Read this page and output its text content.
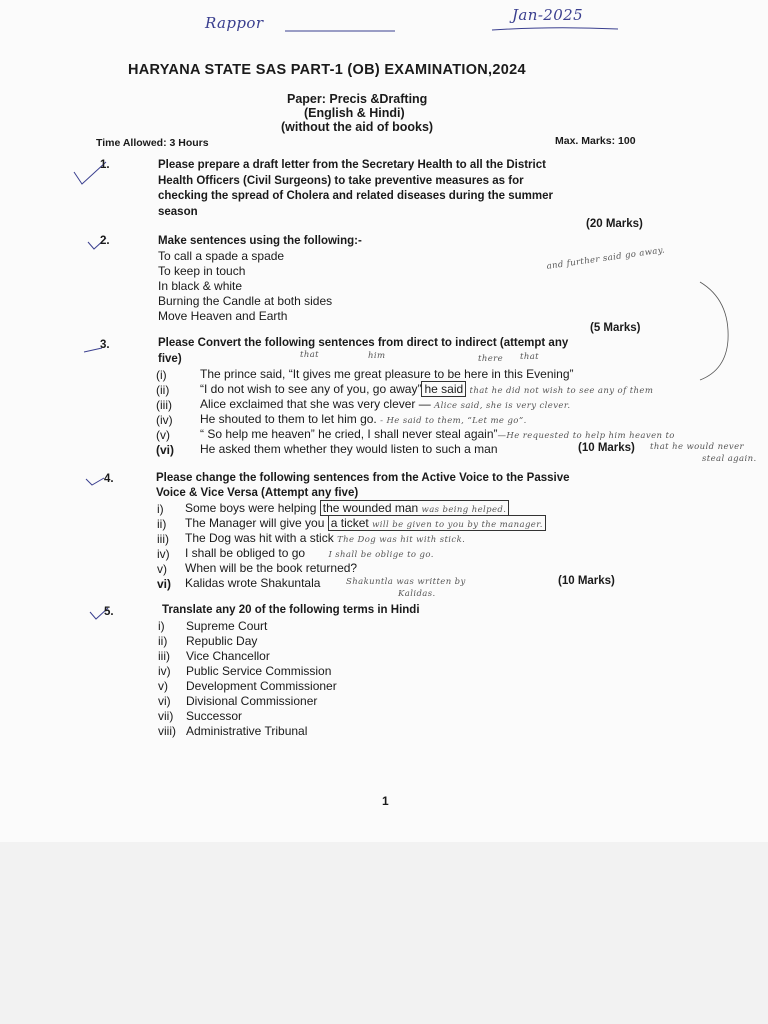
Rappor	Jan-2025
HARYANA STATE SAS PART-1 (OB) EXAMINATION,2024
Paper: Precis &Drafting
(English & Hindi)
(without the aid of books)
Time Allowed: 3 Hours	Max. Marks: 100
1.	Please prepare a draft letter from the Secretary Health to all the District
Health Officers (Civil Surgeons) to take preventive measures as for
checking the spread of Cholera and related diseases during the summer
season
(20 Marks)
2.	Make sentences using the following:-
To call a spade a spade
To keep in touch
In black & white
Burning the Candle at both sides
Move Heaven and Earth
and further said go away.
(5 Marks)
3.	Please Convert the following sentences from direct to indirect (attempt any
five)	that	him	there that
(i)	The prince said, “It gives me great pleasure to be here in this Evening”
(ii)	“I do not wish to see any of you, go away” he said that he did not wish to see any of them
(iii) Alice exclaimed that she was very clever — Alice said, she is very clever.
(iv) He shouted to them to let him go. - He said to them, “Let me go”.
(v)	“ So help me heaven” he cried, I shall never steal again”—He requested to help him heaven to
(vi) He asked them whether they would listen to such a man	(10 Marks) that he would never
steal again.
4.	Please change the following sentences from the Active Voice to the Passive
Voice & Vice Versa (Attempt any five)
i) Some boys were helping the wounded man was being helped.
ii) The Manager will give you a ticket will be given to you by the manager.
iii) The Dog was hit with a stick The Dog was hit with stick.
iv) I shall be obliged to go	I shall be oblige to go.
v) When will be the book returned?
vi) Kalidas wrote Shakuntala	Shakuntla was written by
Kalidas.
(10 Marks)
5.	Translate any 20 of the following terms in Hindi
i) Supreme Court
ii) Republic Day
iii) Vice Chancellor
iv) Public Service Commission
v) Development Commissioner
vi) Divisional Commissioner
vii) Successor
viii) Administrative Tribunal
1
